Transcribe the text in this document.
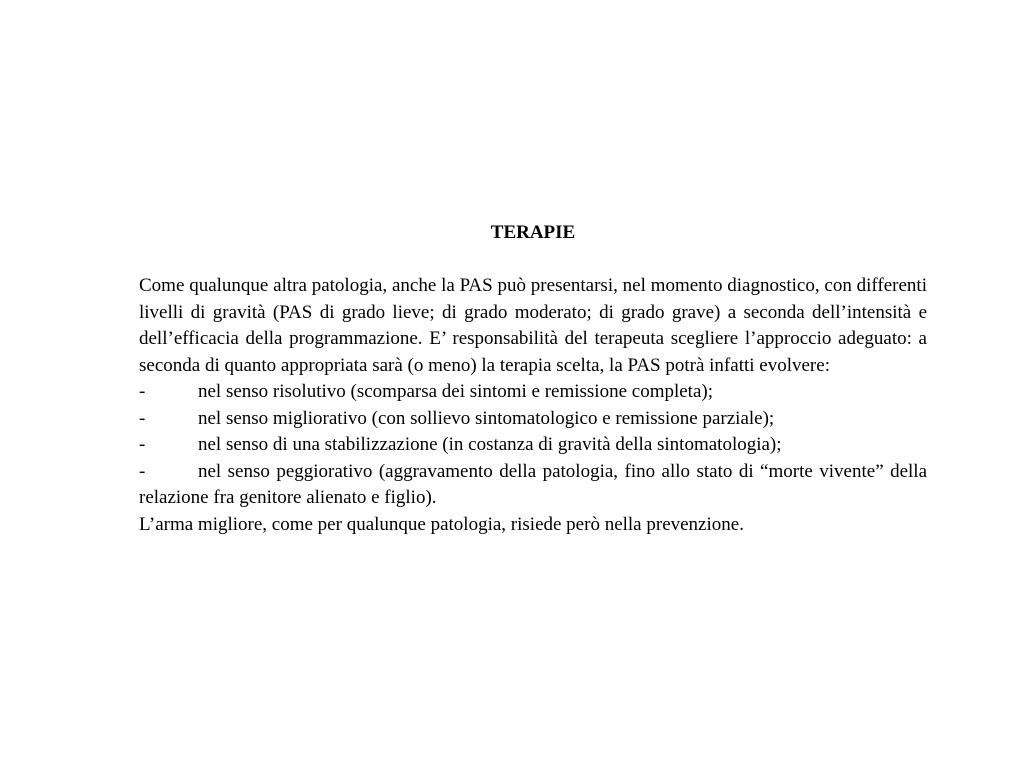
TERAPIE

Come qualunque altra patologia, anche la PAS può presentarsi, nel momento diagnostico, con differenti livelli di gravità (PAS di grado lieve; di grado moderato; di grado grave) a seconda dell’intensità e dell’efficacia della programmazione. E’ responsabilità del terapeuta scegliere l’approccio adeguato: a seconda di quanto appropriata sarà (o meno) la terapia scelta, la PAS potrà infatti evolvere:

-	nel senso risolutivo (scomparsa dei sintomi e remissione completa);
-	nel senso migliorativo (con sollievo sintomatologico e remissione parziale);
-	nel senso di una stabilizzazione (in costanza di gravità della sintomatologia);

-	nel senso peggiorativo (aggravamento della patologia, fino allo stato di “morte vivente” della relazione fra genitore alienato e figlio).

L’arma migliore, come per qualunque patologia, risiede però nella prevenzione.
